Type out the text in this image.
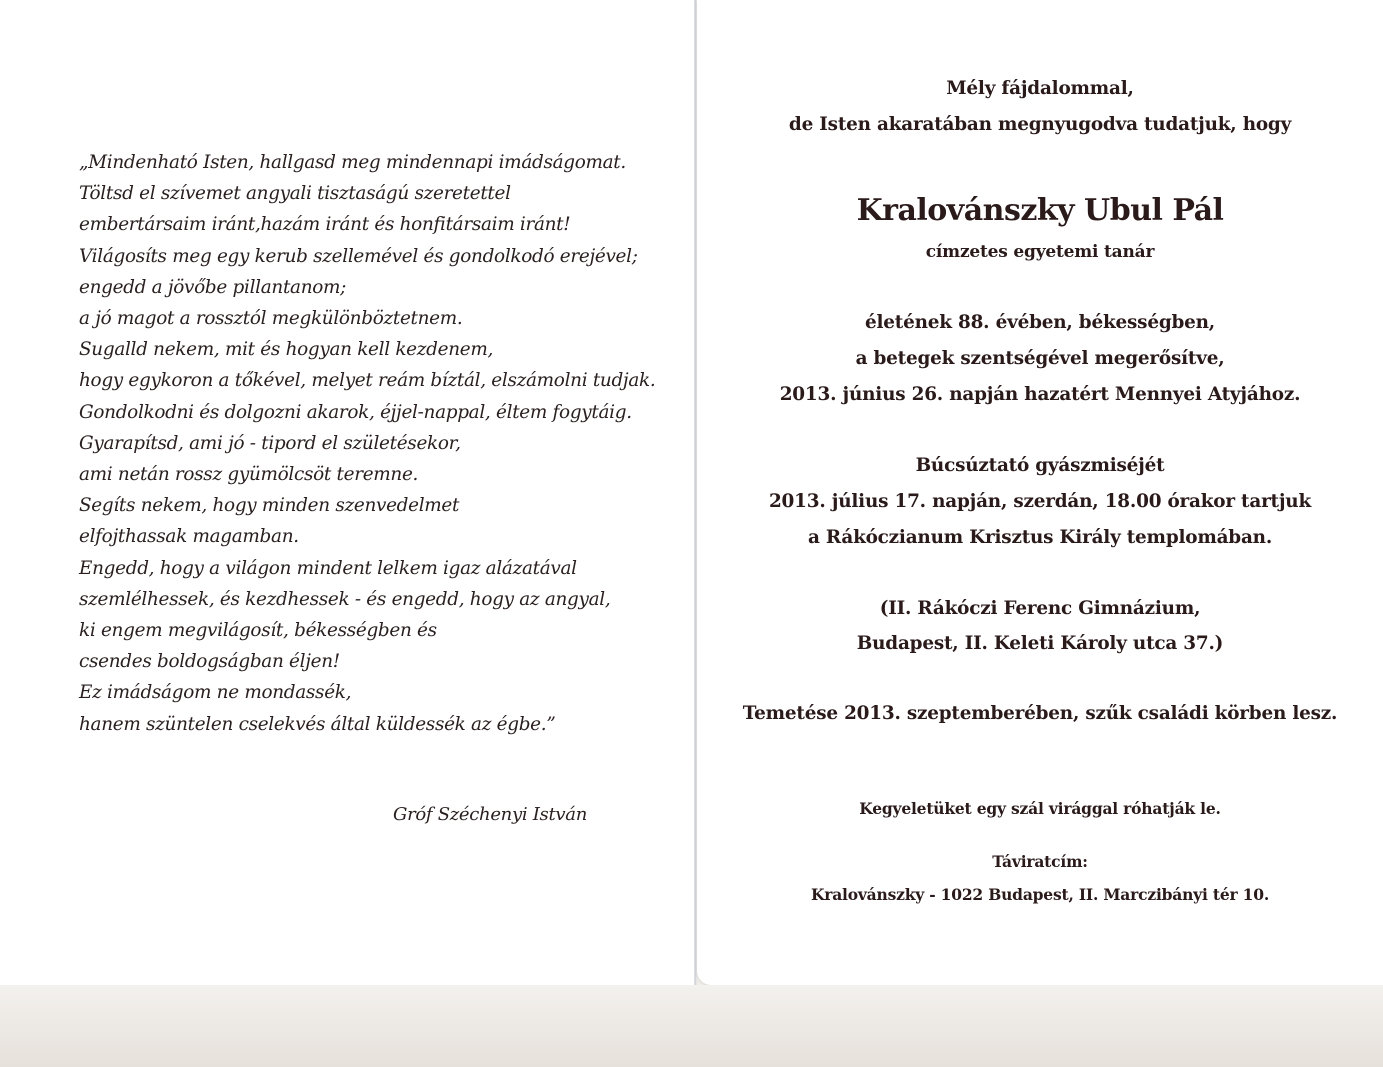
„Mindenható Isten, hallgasd meg mindennapi imádságomat.
Töltsd el szívemet angyali tisztaságú szeretettel
embertársaim iránt,hazám iránt és honfitársaim iránt!
Világosíts meg egy kerub szellemével és gondolkodó erejével;
engedd a jövőbe pillantanom;
a jó magot a rossztól megkülönböztetnem.
Sugalld nekem, mit és hogyan kell kezdenem,
hogy egykoron a tőkével, melyet reám bíztál, elszámolni tudjak.
Gondolkodni és dolgozni akarok, éjjel-nappal, éltem fogytáig.
Gyarapítsd, ami jó - tipord el születésekor,
ami netán rossz gyümölcsöt teremne.
Segíts nekem, hogy minden szenvedelmet
elfojthassak magamban.
Engedd, hogy a világon mindent lelkem igaz alázatával
szemlélhessek, és kezdhessek - és engedd, hogy az angyal,
ki engem megvilágosít, békességben és
csendes boldogságban éljen!
Ez imádságom ne mondassék,
hanem szüntelen cselekvés által küldessék az égbe.”
Gróf Széchenyi István
Mély fájdalommal,
de Isten akaratában megnyugodva tudatjuk, hogy
Kralovánszky Ubul Pál
címzetes egyetemi tanár
életének 88. évében, békességben,
a betegek szentségével megerősítve,
2013. június 26. napján hazatért Mennyei Atyjához.
Búcsúztató gyászmiséjét
2013. július 17. napján, szerdán, 18.00 órakor tartjuk
a Rákóczianum Krisztus Király templomában.
(II. Rákóczi Ferenc Gimnázium,
Budapest, II. Keleti Károly utca 37.)
Temetése 2013. szeptemberében, szűk családi körben lesz.
Kegyeletüket egy szál virággal róhatják le.
Táviratcím:
Kralovánszky - 1022 Budapest, II. Marczibányi tér 10.
